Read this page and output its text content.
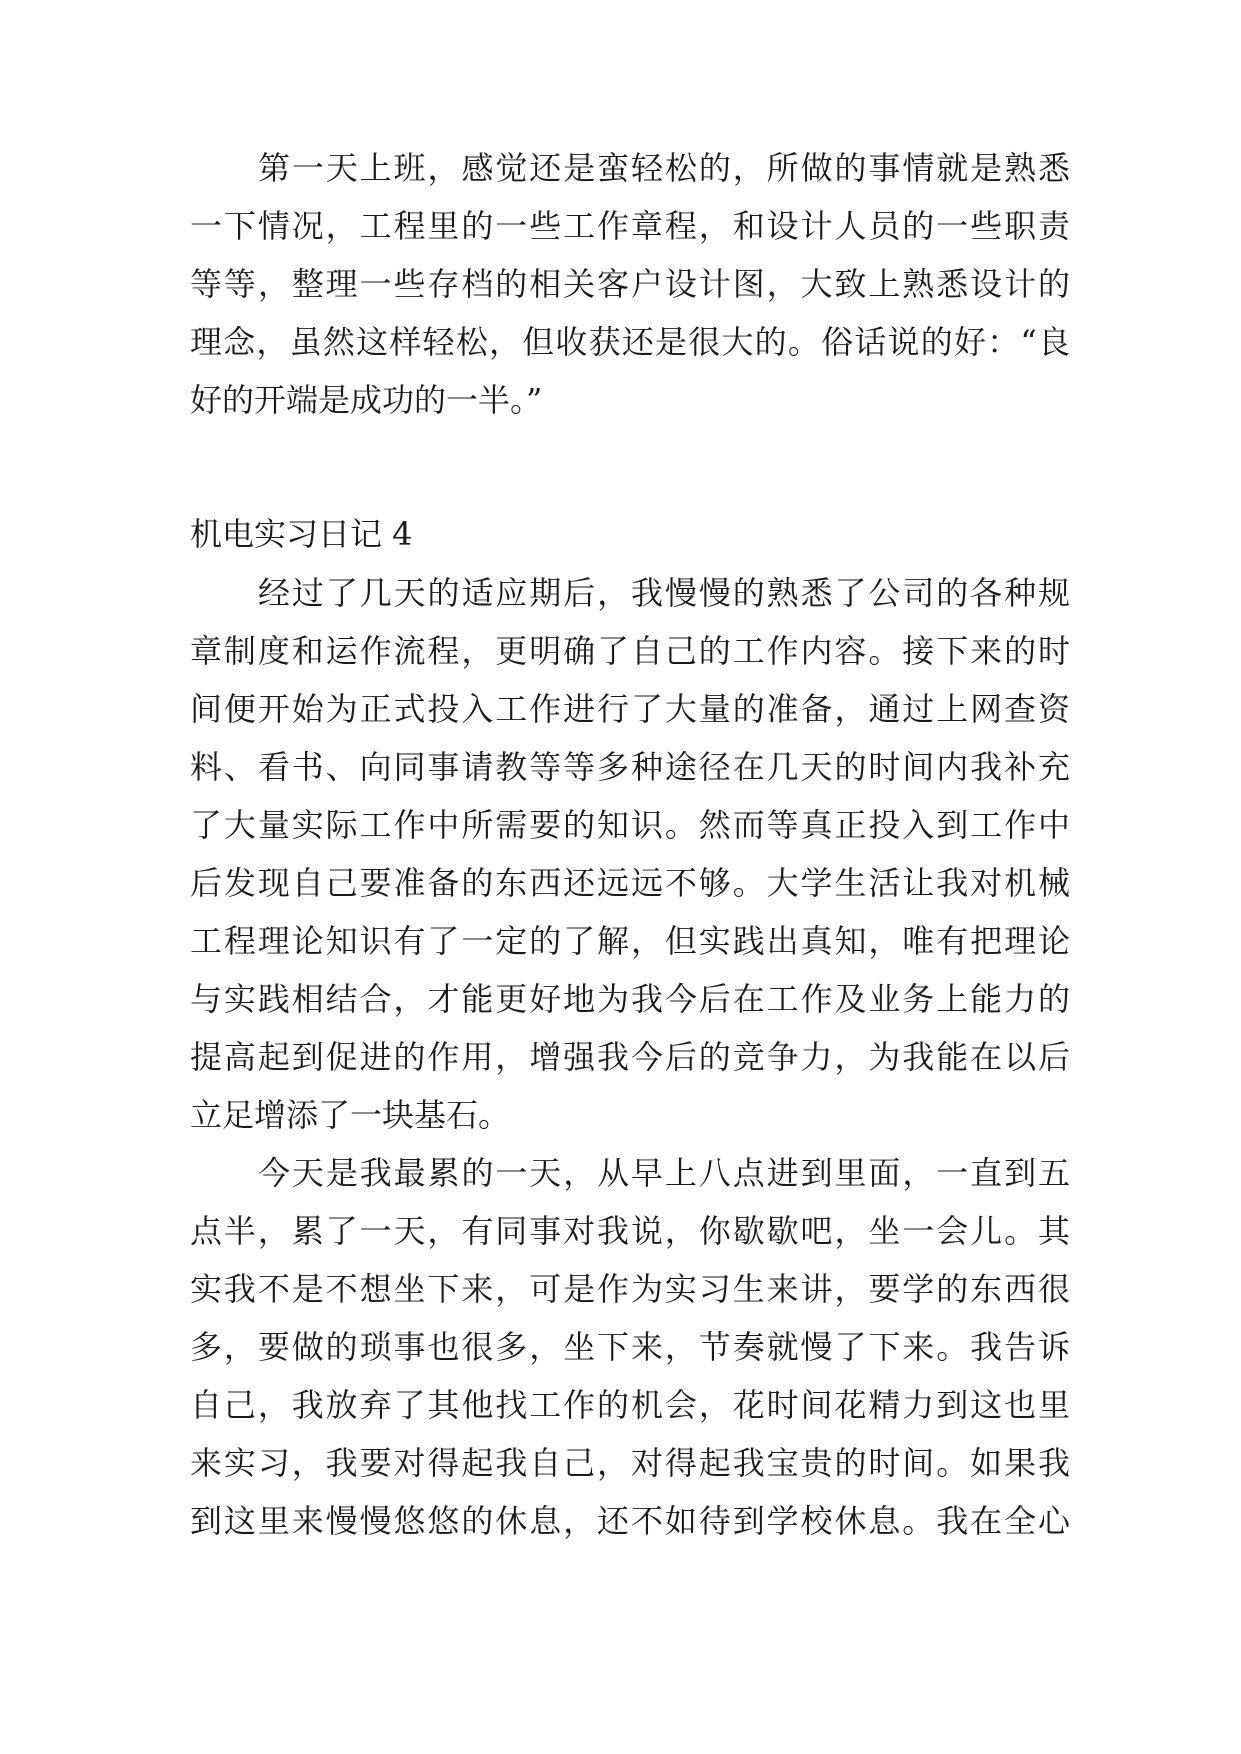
第一天上班，感觉还是蛮轻松的，所做的事情就是熟悉
一下情况，工程里的一些工作章程，和设计人员的一些职责
等等，整理一些存档的相关客户设计图，大致上熟悉设计的
理念，虽然这样轻松，但收获还是很大的。俗话说的好：“良
好的开端是成功的一半。”
机电实习日记 4
经过了几天的适应期后，我慢慢的熟悉了公司的各种规
章制度和运作流程，更明确了自己的工作内容。接下来的时
间便开始为正式投入工作进行了大量的准备，通过上网查资
料、看书、向同事请教等等多种途径在几天的时间内我补充
了大量实际工作中所需要的知识。然而等真正投入到工作中
后发现自己要准备的东西还远远不够。大学生活让我对机械
工程理论知识有了一定的了解，但实践出真知，唯有把理论
与实践相结合，才能更好地为我今后在工作及业务上能力的
提高起到促进的作用，增强我今后的竞争力，为我能在以后
立足增添了一块基石。
今天是我最累的一天，从早上八点进到里面，一直到五
点半，累了一天，有同事对我说，你歇歇吧，坐一会儿。其
实我不是不想坐下来，可是作为实习生来讲，要学的东西很
多，要做的琐事也很多，坐下来，节奏就慢了下来。我告诉
自己，我放弃了其他找工作的机会，花时间花精力到这也里
来实习，我要对得起我自己，对得起我宝贵的时间。如果我
到这里来慢慢悠悠的休息，还不如待到学校休息。我在全心
